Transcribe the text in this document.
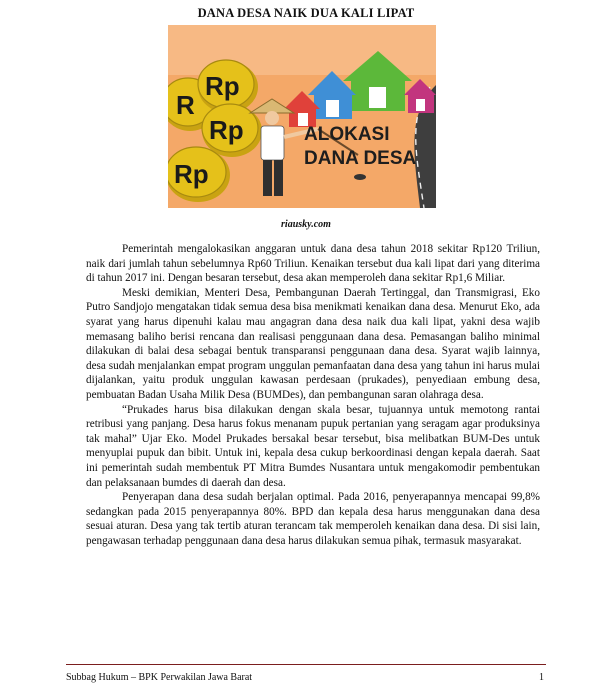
DANA DESA NAIK DUA KALI LIPAT
R
Rp
Rp
Rp
ALOKASI
DANA DESA
riausky.com

Pemerintah mengalokasikan anggaran untuk dana desa tahun 2018 sekitar Rp120 Triliun, naik dari jumlah tahun sebelumnya Rp60 Triliun. Kenaikan tersebut dua kali lipat dari yang diterima di tahun 2017 ini. Dengan besaran tersebut, desa akan memperoleh dana sekitar Rp1,6 Miliar.

Meski demikian, Menteri Desa, Pembangunan Daerah Tertinggal, dan Transmigrasi, Eko Putro Sandjojo mengatakan tidak semua desa bisa menikmati kenaikan dana desa. Menurut Eko, ada syarat yang harus dipenuhi kalau mau angagran dana desa naik dua kali lipat, yakni desa wajib memasang baliho berisi rencana dan realisasi penggunaan dana desa. Pemasangan baliho minimal dilakukan di balai desa sebagai bentuk transparansi penggunaan dana desa. Syarat wajib lainnya, desa sudah menjalankan empat program unggulan pemanfaatan dana desa yang tahun ini harus mulai dijalankan, yaitu produk unggulan kawasan perdesaan (prukades), penyediaan embung desa, pembuatan Badan Usaha Milik Desa (BUMDes), dan pembangunan saran olahraga desa.

“Prukades harus bisa dilakukan dengan skala besar, tujuannya untuk memotong rantai retribusi yang panjang. Desa harus fokus menanam pupuk pertanian yang seragam agar produksinya tak mahal” Ujar Eko. Model Prukades bersakal besar tersebut, bisa melibatkan BUM-Des untuk menyuplai pupuk dan bibit. Untuk ini, kepala desa cukup berkoordinasi dengan kepala daerah. Saat ini pemerintah sudah membentuk PT Mitra Bumdes Nusantara untuk mengakomodir pembentukan dan pelaksanaan bumdes di daerah dan desa.

Penyerapan dana desa sudah berjalan optimal. Pada 2016, penyerapannya mencapai 99,8% sedangkan pada 2015 penyerapannya 80%. BPD dan kepala desa harus menggunakan dana desa sesuai aturan. Desa yang tak tertib aturan terancam tak memperoleh kenaikan dana desa. Di sisi lain, pengawasan terhadap penggunaan dana desa harus dilakukan semua pihak, termasuk masyarakat.

Subbag Hukum – BPK Perwakilan Jawa Barat	1
